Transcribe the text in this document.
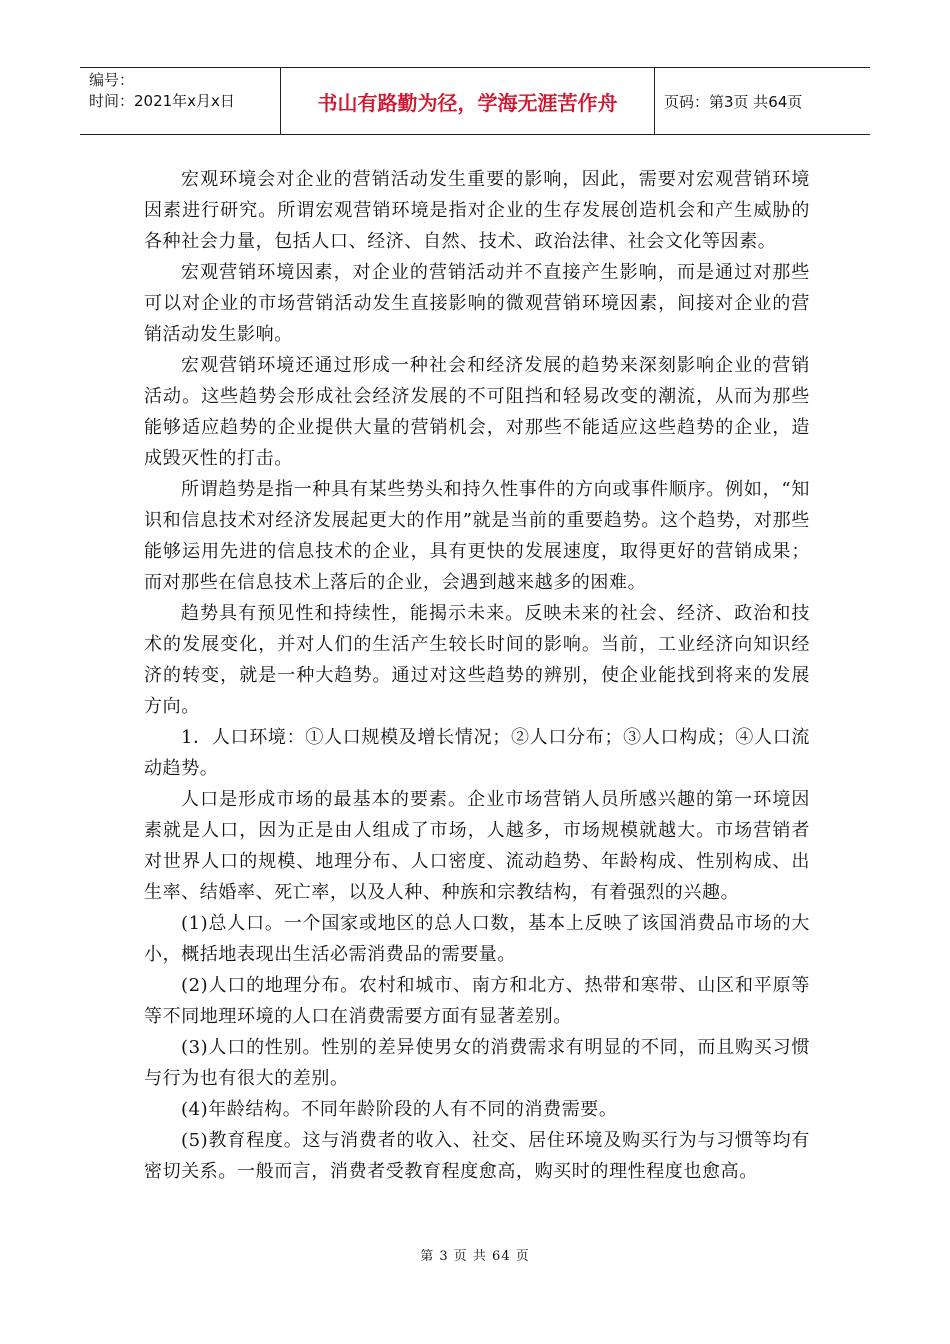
编号：
时间：2021年x月x日	书山有路勤为径，学海无涯苦作舟	页码：第3页 共64页

宏观环境会对企业的营销活动发生重要的影响，因此，需要对宏观营销环境因素进行研究。所谓宏观营销环境是指对企业的生存发展创造机会和产生威胁的各种社会力量，包括人口、经济、自然、技术、政治法律、社会文化等因素。

宏观营销环境因素，对企业的营销活动并不直接产生影响，而是通过对那些可以对企业的市场营销活动发生直接影响的微观营销环境因素，间接对企业的营销活动发生影响。

宏观营销环境还通过形成一种社会和经济发展的趋势来深刻影响企业的营销活动。这些趋势会形成社会经济发展的不可阻挡和轻易改变的潮流，从而为那些能够适应趋势的企业提供大量的营销机会，对那些不能适应这些趋势的企业，造成毁灭性的打击。

所谓趋势是指一种具有某些势头和持久性事件的方向或事件顺序。例如，“知识和信息技术对经济发展起更大的作用”就是当前的重要趋势。这个趋势，对那些能够运用先进的信息技术的企业，具有更快的发展速度，取得更好的营销成果；而对那些在信息技术上落后的企业，会遇到越来越多的困难。

趋势具有预见性和持续性，能揭示未来。反映未来的社会、经济、政治和技术的发展变化，并对人们的生活产生较长时间的影响。当前，工业经济向知识经济的转变，就是一种大趋势。通过对这些趋势的辨别，使企业能找到将来的发展方向。

1．人口环境：①人口规模及增长情况；②人口分布；③人口构成；④人口流动趋势。

人口是形成市场的最基本的要素。企业市场营销人员所感兴趣的第一环境因素就是人口，因为正是由人组成了市场，人越多，市场规模就越大。市场营销者对世界人口的规模、地理分布、人口密度、流动趋势、年龄构成、性别构成、出生率、结婚率、死亡率，以及人种、种族和宗教结构，有着强烈的兴趣。

(1)总人口。一个国家或地区的总人口数，基本上反映了该国消费品市场的大小，概括地表现出生活必需消费品的需要量。

(2)人口的地理分布。农村和城市、南方和北方、热带和寒带、山区和平原等等不同地理环境的人口在消费需要方面有显著差别。

(3)人口的性别。性别的差异使男女的消费需求有明显的不同，而且购买习惯与行为也有很大的差别。

(4)年龄结构。不同年龄阶段的人有不同的消费需要。

(5)教育程度。这与消费者的收入、社交、居住环境及购买行为与习惯等均有密切关系。一般而言，消费者受教育程度愈高，购买时的理性程度也愈高。

第 3 页 共 64 页
